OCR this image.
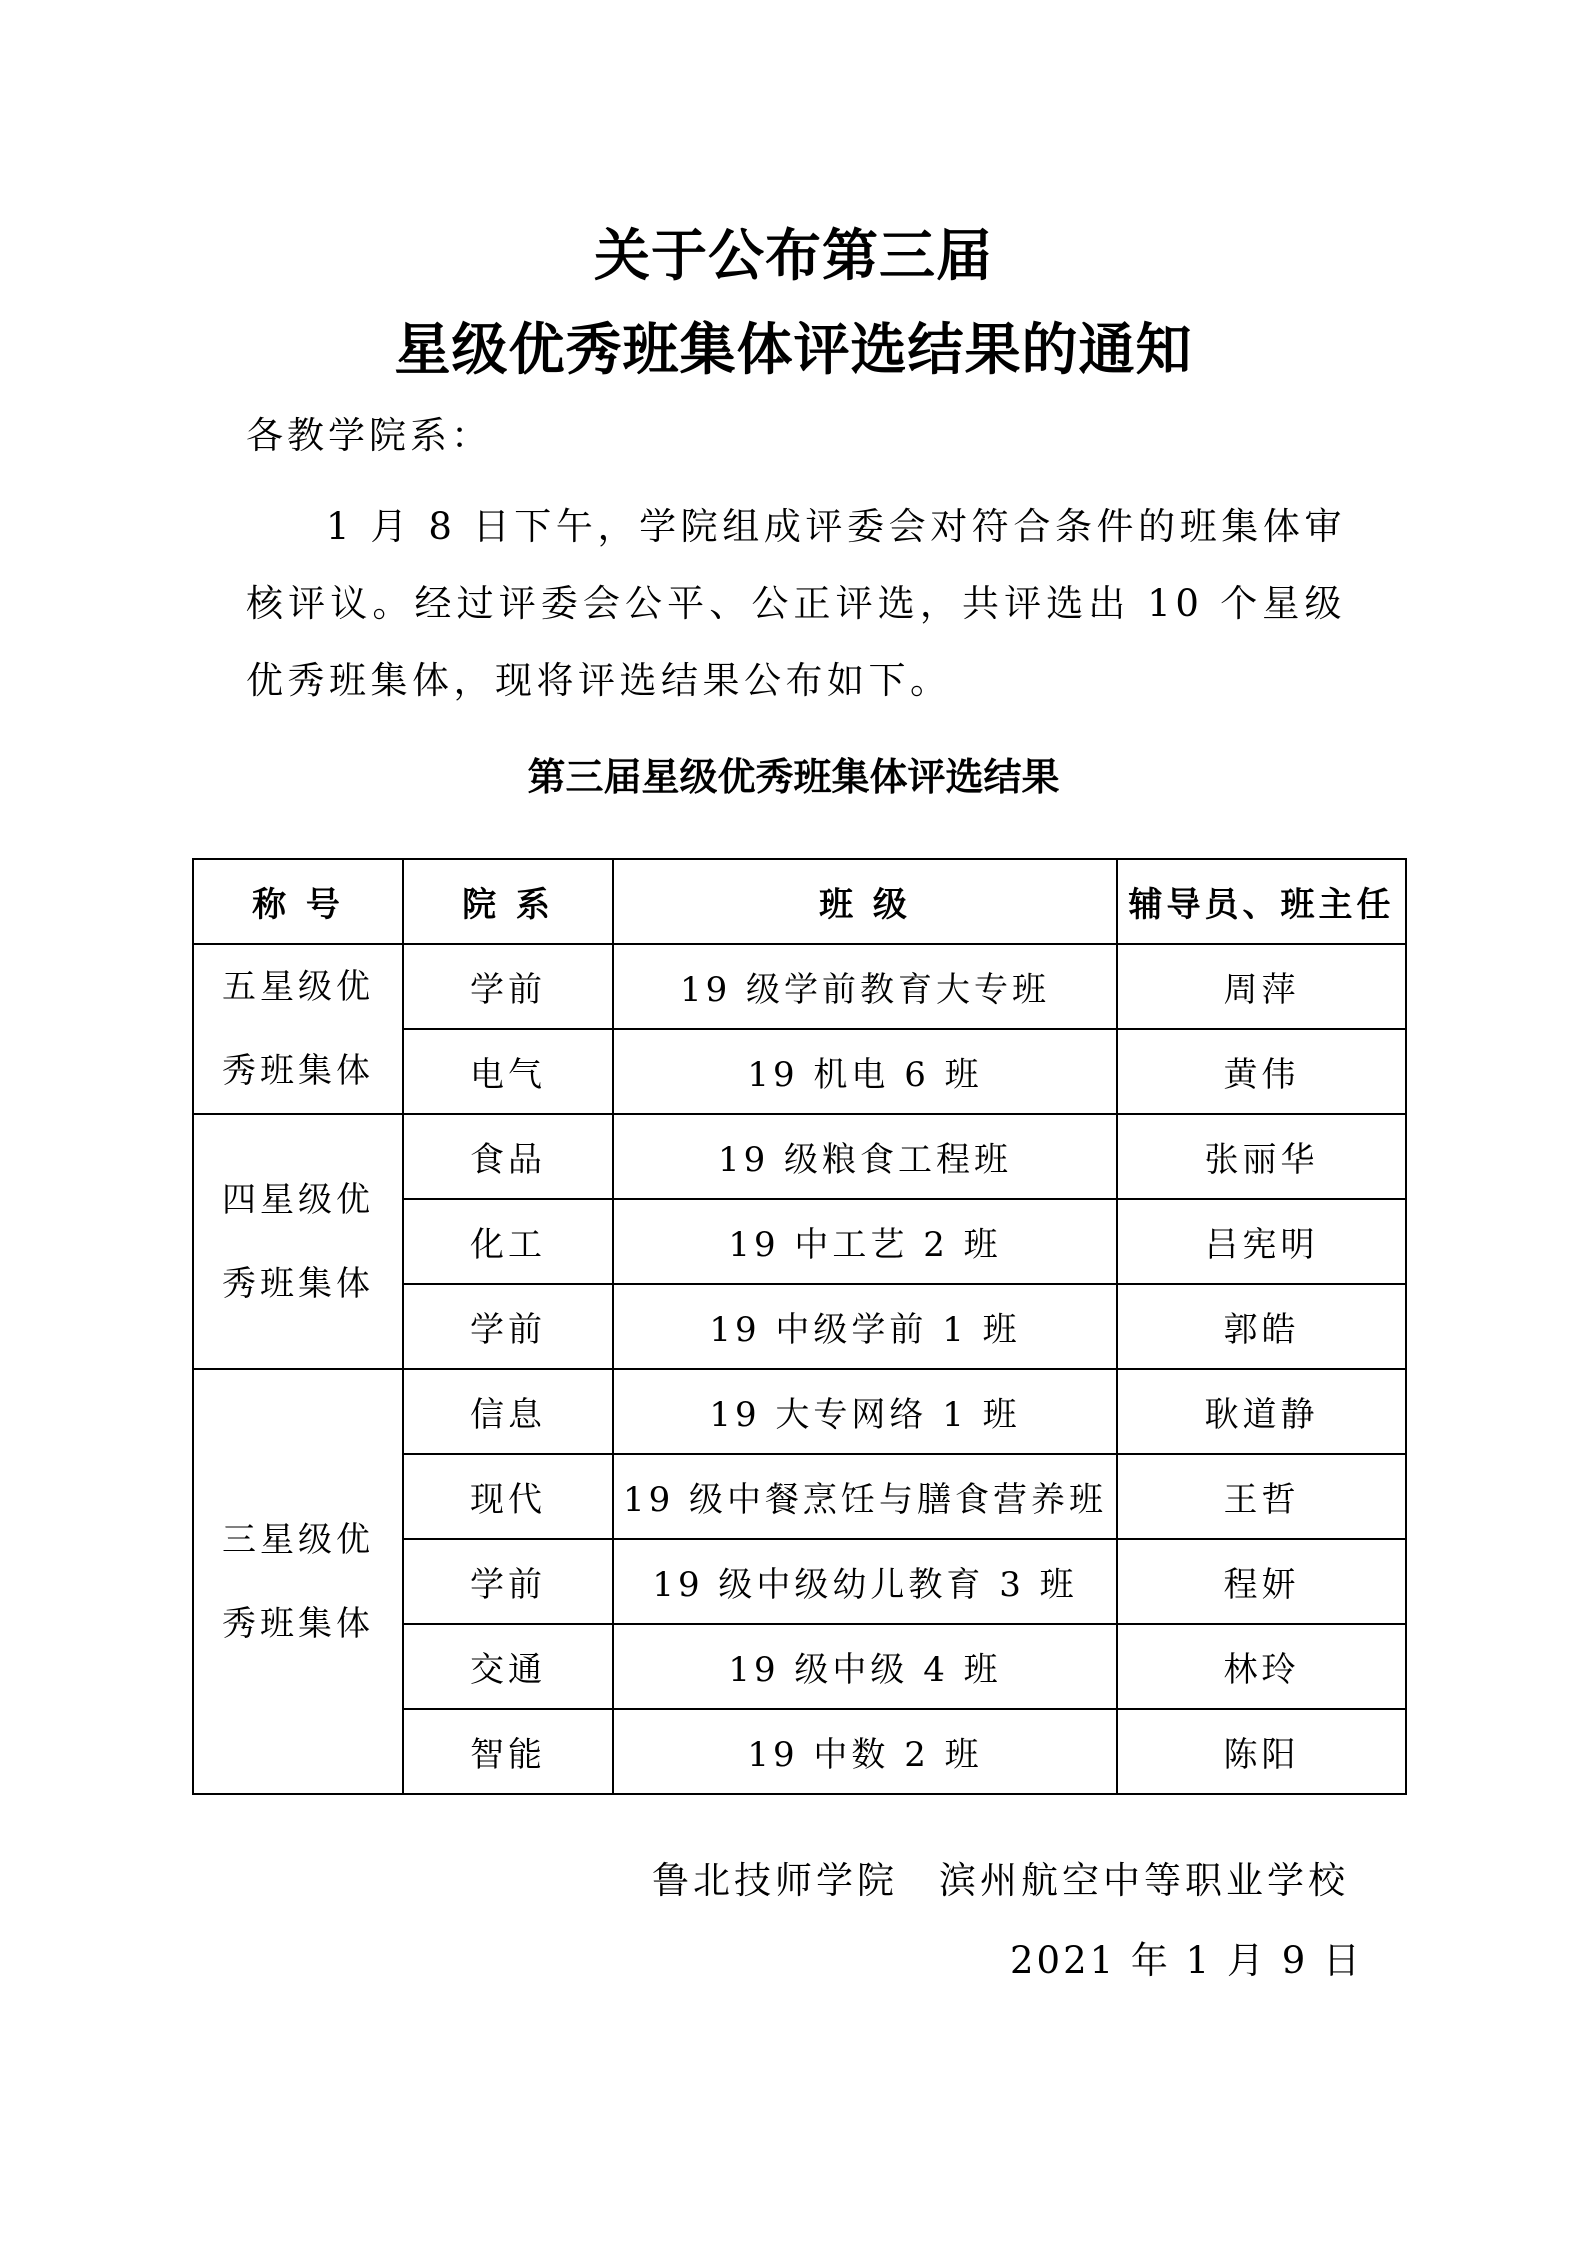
关于公布第三届
星级优秀班集体评选结果的通知
各教学院系：
1 月 8 日下午，学院组成评委会对符合条件的班集体审核评议。经过评委会公平、公正评选，共评选出 10 个星级优秀班集体，现将评选结果公布如下。
第三届星级优秀班集体评选结果
称 号	院 系	班 级	辅导员、班主任

五星级优
秀班集体	学前	19 级学前教育大专班	周萍
	电气	19 机电 6 班	黄伟

四星级优
秀班集体	食品	19 级粮食工程班	张丽华
	化工	19 中工艺 2 班	吕宪明
	学前	19 中级学前 1 班	郭皓

三星级优
秀班集体	信息	19 大专网络 1 班	耿道静
	现代	19 级中餐烹饪与膳食营养班	王哲
	学前	19 级中级幼儿教育 3 班	程妍
	交通	19 级中级 4 班	林玲
	智能	19 中数 2 班	陈阳
鲁北技师学院　滨州航空中等职业学校
2021 年 1 月 9 日
